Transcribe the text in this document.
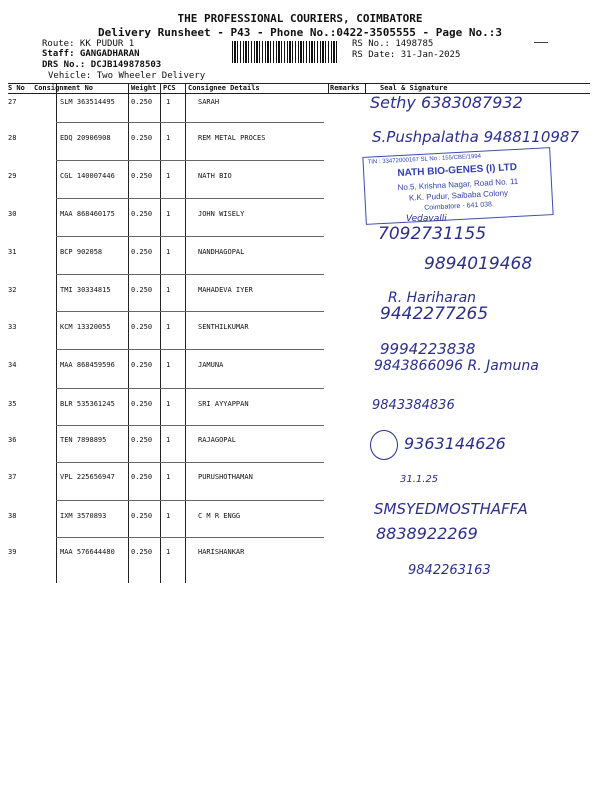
THE PROFESSIONAL COURIERS, COIMBATORE
Delivery Runsheet - P43 - Phone No.:0422-3505555 - Page No.:3
Route: KK PUDUR 1
Staff: GANGADHARAN
DRS No.: DCJB149878503
Vehicle: Two Wheeler Delivery
RS No.: 1498785
RS Date: 31-Jan-2025
S No Consignment No	Weight PCS Consignee Details	Remarks	Seal & Signature
27	SLM 363514495 0.250 1	SARAH
28	EDQ 20906908	0.250 1	REM METAL PROCES
29	CGL 140007446 0.250 1	NATH BIO
30	MAA 868460175 0.250 1	JOHN WISELY
31	BCP 902058	0.250 1	NANDHAGOPAL
32	TMI 30334815	0.250 1	MAHADEVA IYER
33	KCM 13320055	0.250 1	SENTHILKUMAR
34	MAA 868459596 0.250 1	JAMUNA
35	BLR 535361245 0.250 1	SRI AYYAPPAN
36	TEN 7898895	0.250 1	RAJAGOPAL
37	VPL 225656947 0.250 1	PURUSHOTHAMAN
38	IXM 3570893	0.250 1	C M R ENGG
39	MAA 576644480 0.250 1	HARISHANKAR
TIN : 33472000167 SL No : 155/CBE/1994
NATH BIO-GENES (I) LTD
No.5, Krishna Nagar, Road No. 11
K.K. Pudur, Saibaba Colony
Coimbatore - 641 038.
Sethy 6383087932
S.Pushpalatha 9488110987
Vedavalli
7092731155
9894019468
R. Hariharan
9442277265
9994223838
9843866096 R. Jamuna
9843384836
9363144626
31.1.25
SMSYEDMOSTHAFFA
8838922269
9842263163
